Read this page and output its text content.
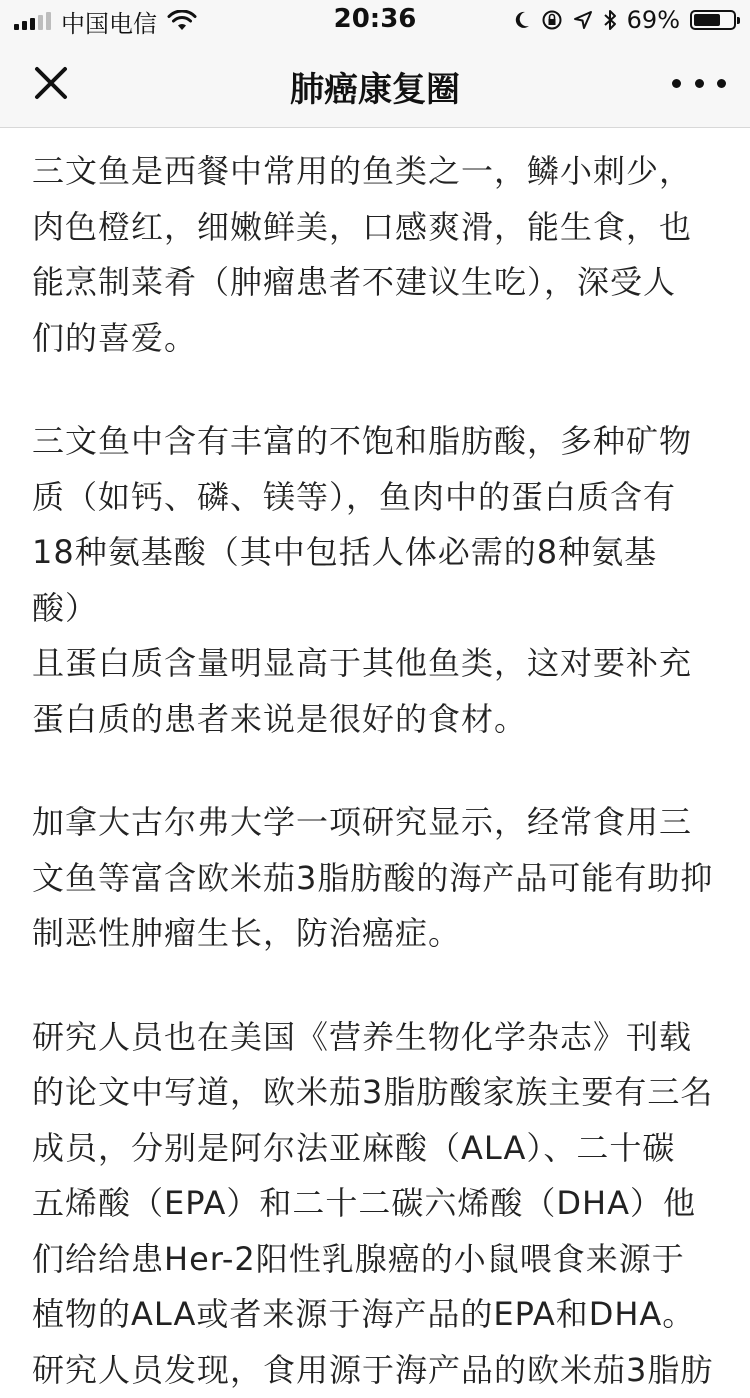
中国电信	20:36	69%
肺癌康复圈

三文鱼是西餐中常用的鱼类之一，鳞小刺少，
肉色橙红，细嫩鲜美，口感爽滑，能生食，也
能烹制菜肴（肿瘤患者不建议生吃），深受人
们的喜爱。

三文鱼中含有丰富的不饱和脂肪酸，多种矿物
质（如钙、磷、镁等），鱼肉中的蛋白质含有
18种氨基酸（其中包括人体必需的8种氨基酸）
且蛋白质含量明显高于其他鱼类，这对要补充
蛋白质的患者来说是很好的食材。

加拿大古尔弗大学一项研究显示，经常食用三
文鱼等富含欧米茄3脂肪酸的海产品可能有助抑
制恶性肿瘤生长，防治癌症。

研究人员也在美国《营养生物化学杂志》刊载
的论文中写道，欧米茄3脂肪酸家族主要有三名
成员，分别是阿尔法亚麻酸（ALA）、二十碳
五烯酸（EPA）和二十二碳六烯酸（DHA）他
们给给患Her-2阳性乳腺癌的小鼠喂食来源于
植物的ALA或者来源于海产品的EPA和DHA。

研究人员发现，食用源于海产品的欧米茄3脂肪
